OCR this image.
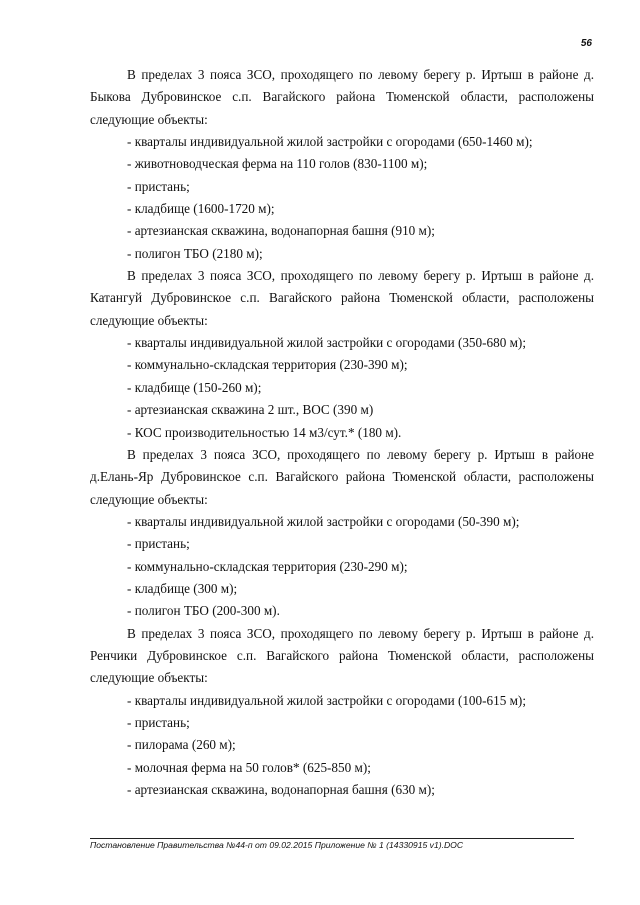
56
В пределах 3 пояса ЗСО, проходящего по левому берегу р. Иртыш в районе д. Быкова Дубровинское с.п. Вагайского района Тюменской области, расположены следующие объекты:
- кварталы индивидуальной жилой застройки с огородами (650-1460 м);
- животноводческая ферма на 110 голов (830-1100 м);
- пристань;
- кладбище (1600-1720 м);
- артезианская скважина, водонапорная башня (910 м);
- полигон ТБО (2180 м);
В пределах 3 пояса ЗСО, проходящего по левому берегу р. Иртыш в районе д. Катангуй Дубровинское с.п. Вагайского района Тюменской области, расположены следующие объекты:
- кварталы индивидуальной жилой застройки с огородами (350-680 м);
- коммунально-складская территория (230-390 м);
- кладбище (150-260 м);
- артезианская скважина 2 шт., ВОС (390 м)
- КОС производительностью 14 м3/сут.* (180 м).
В пределах 3 пояса ЗСО, проходящего по левому берегу р. Иртыш в районе д.Елань-Яр Дубровинское с.п. Вагайского района Тюменской области, расположены следующие объекты:
- кварталы индивидуальной жилой застройки с огородами (50-390 м);
- пристань;
- коммунально-складская территория (230-290 м);
- кладбище (300 м);
- полигон ТБО (200-300 м).
В пределах 3 пояса ЗСО, проходящего по левому берегу р. Иртыш в районе д. Ренчики Дубровинское с.п. Вагайского района Тюменской области, расположены следующие объекты:
- кварталы индивидуальной жилой застройки с огородами (100-615 м);
- пристань;
- пилорама (260 м);
- молочная ферма на 50 голов* (625-850 м);
- артезианская скважина, водонапорная башня (630 м);
Постановление Правительства №44-п от 09.02.2015 Приложение № 1 (14330915 v1).DOC
